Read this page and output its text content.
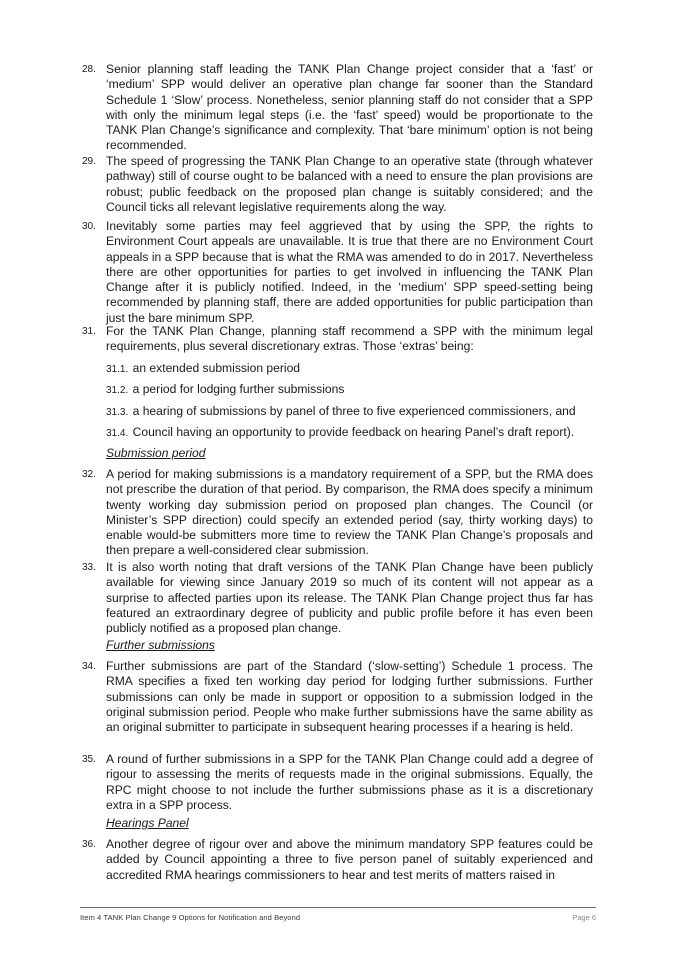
28. Senior planning staff leading the TANK Plan Change project consider that a ‘fast’ or ‘medium’ SPP would deliver an operative plan change far sooner than the Standard Schedule 1 ‘Slow’ process. Nonetheless, senior planning staff do not consider that a SPP with only the minimum legal steps (i.e. the ‘fast’ speed) would be proportionate to the TANK Plan Change’s significance and complexity. That ‘bare minimum’ option is not being recommended.
29. The speed of progressing the TANK Plan Change to an operative state (through whatever pathway) still of course ought to be balanced with a need to ensure the plan provisions are robust; public feedback on the proposed plan change is suitably considered; and the Council ticks all relevant legislative requirements along the way.
30. Inevitably some parties may feel aggrieved that by using the SPP, the rights to Environment Court appeals are unavailable. It is true that there are no Environment Court appeals in a SPP because that is what the RMA was amended to do in 2017. Nevertheless there are other opportunities for parties to get involved in influencing the TANK Plan Change after it is publicly notified. Indeed, in the ‘medium’ SPP speed-setting being recommended by planning staff, there are added opportunities for public participation than just the bare minimum SPP.
31. For the TANK Plan Change, planning staff recommend a SPP with the minimum legal requirements, plus several discretionary extras. Those ‘extras’ being:
31.1. an extended submission period
31.2. a period for lodging further submissions
31.3. a hearing of submissions by panel of three to five experienced commissioners, and
31.4. Council having an opportunity to provide feedback on hearing Panel’s draft report).
Submission period
32. A period for making submissions is a mandatory requirement of a SPP, but the RMA does not prescribe the duration of that period. By comparison, the RMA does specify a minimum twenty working day submission period on proposed plan changes. The Council (or Minister’s SPP direction) could specify an extended period (say, thirty working days) to enable would-be submitters more time to review the TANK Plan Change’s proposals and then prepare a well-considered clear submission.
33. It is also worth noting that draft versions of the TANK Plan Change have been publicly available for viewing since January 2019 so much of its content will not appear as a surprise to affected parties upon its release. The TANK Plan Change project thus far has featured an extraordinary degree of publicity and public profile before it has even been publicly notified as a proposed plan change.
Further submissions
34. Further submissions are part of the Standard (‘slow-setting’) Schedule 1 process. The RMA specifies a fixed ten working day period for lodging further submissions. Further submissions can only be made in support or opposition to a submission lodged in the original submission period. People who make further submissions have the same ability as an original submitter to participate in subsequent hearing processes if a hearing is held.
35. A round of further submissions in a SPP for the TANK Plan Change could add a degree of rigour to assessing the merits of requests made in the original submissions. Equally, the RPC might choose to not include the further submissions phase as it is a discretionary extra in a SPP process.
Hearings Panel
36. Another degree of rigour over and above the minimum mandatory SPP features could be added by Council appointing a three to five person panel of suitably experienced and accredited RMA hearings commissioners to hear and test merits of matters raised in
Item 4 TANK Plan Change 9 Options for Notification and Beyond	Page 6
